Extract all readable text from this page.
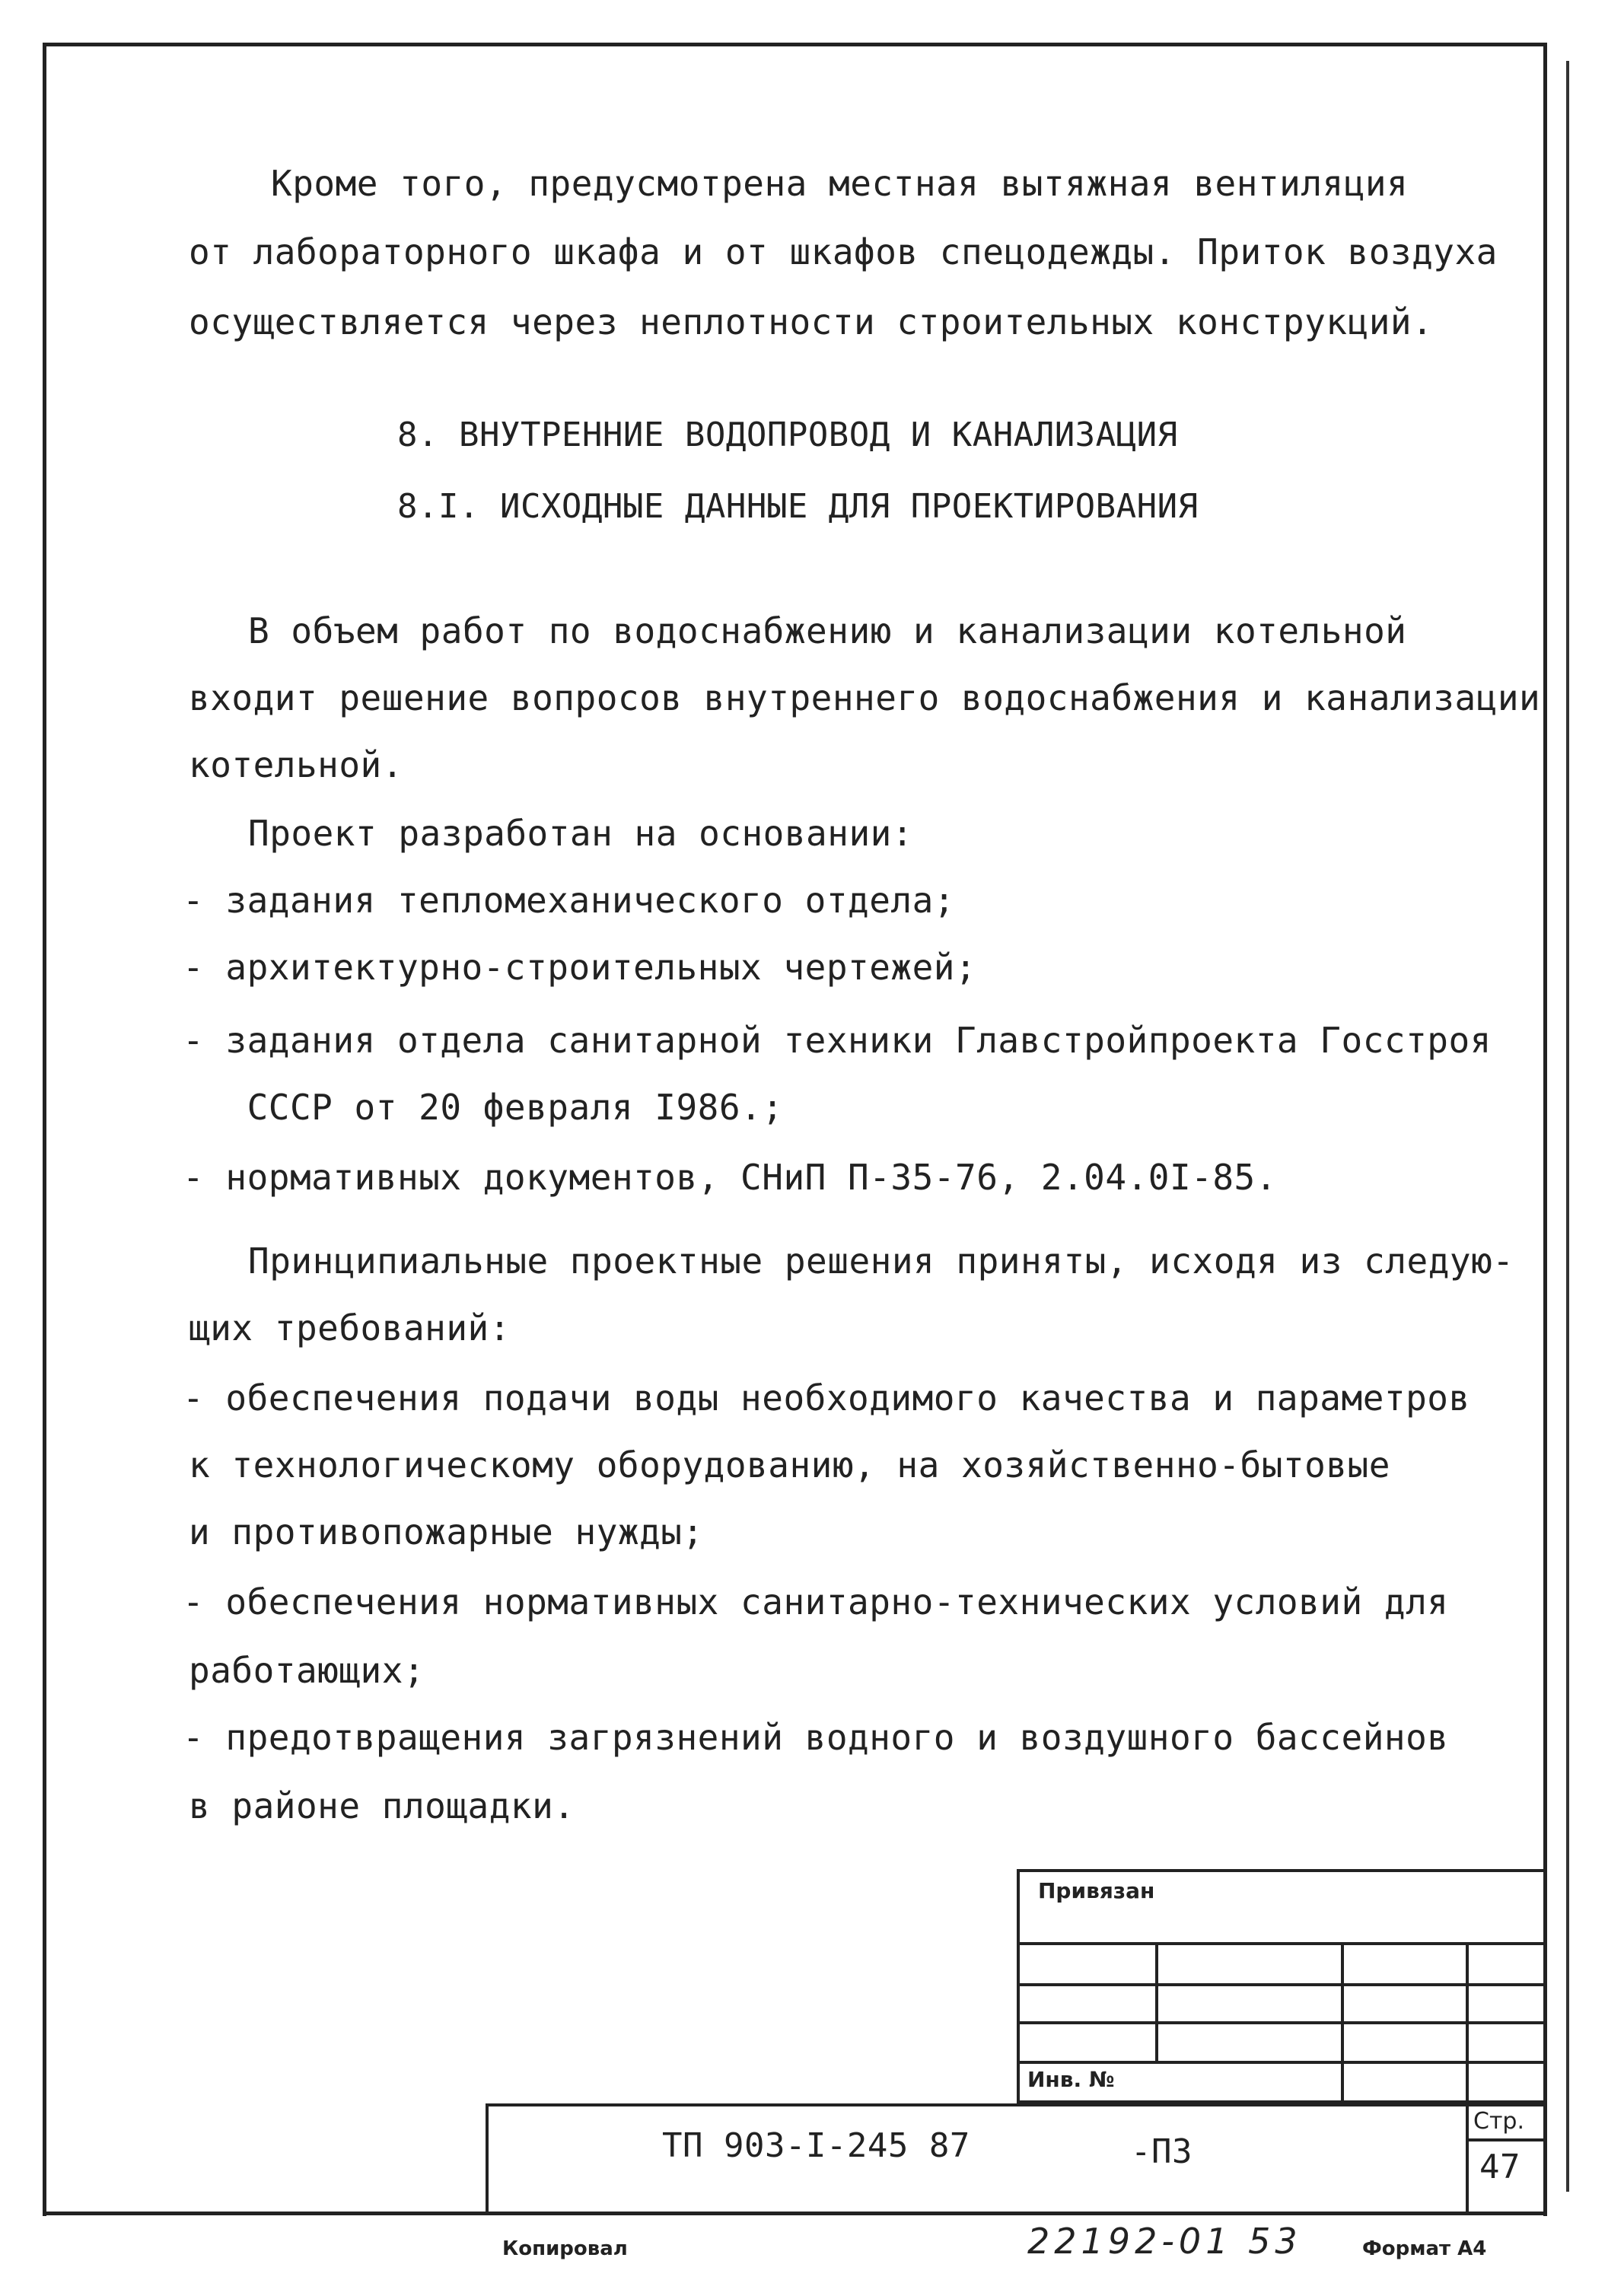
Кроме того, предусмотрена местная вытяжная вентиляция
от лабораторного шкафа и от шкафов спецодежды. Приток воздуха
осуществляется через неплотности строительных конструкций.
8. ВНУТРЕННИЕ ВОДОПРОВОД И КАНАЛИЗАЦИЯ
8.I. ИСХОДНЫЕ ДАННЫЕ ДЛЯ ПРОЕКТИРОВАНИЯ
В объем работ по водоснабжению и канализации котельной
входит решение вопросов внутреннего водоснабжения и канализации
котельной.
Проект разработан на основании:
- задания тепломеханического отдела;
- архитектурно-строительных чертежей;
- задания отдела санитарной техники Главстройпроекта Госстроя
СССР от 20 февраля I986.;
- нормативных документов, СНиП П-35-76, 2.04.0I-85.
Принципиальные проектные решения приняты, исходя из следую-
щих требований:
- обеспечения подачи воды необходимого качества и параметров
к технологическому оборудованию, на хозяйственно-бытовые
и противопожарные нужды;
- обеспечения нормативных санитарно-технических условий для
работающих;
- предотвращения загрязнений водного и воздушного бассейнов
в районе площадки.
Привязан
Инв. №
ТП 903-I-245 87	-ПЗ
Стр.
47
Копировал	22192-01 53	Формат А4
